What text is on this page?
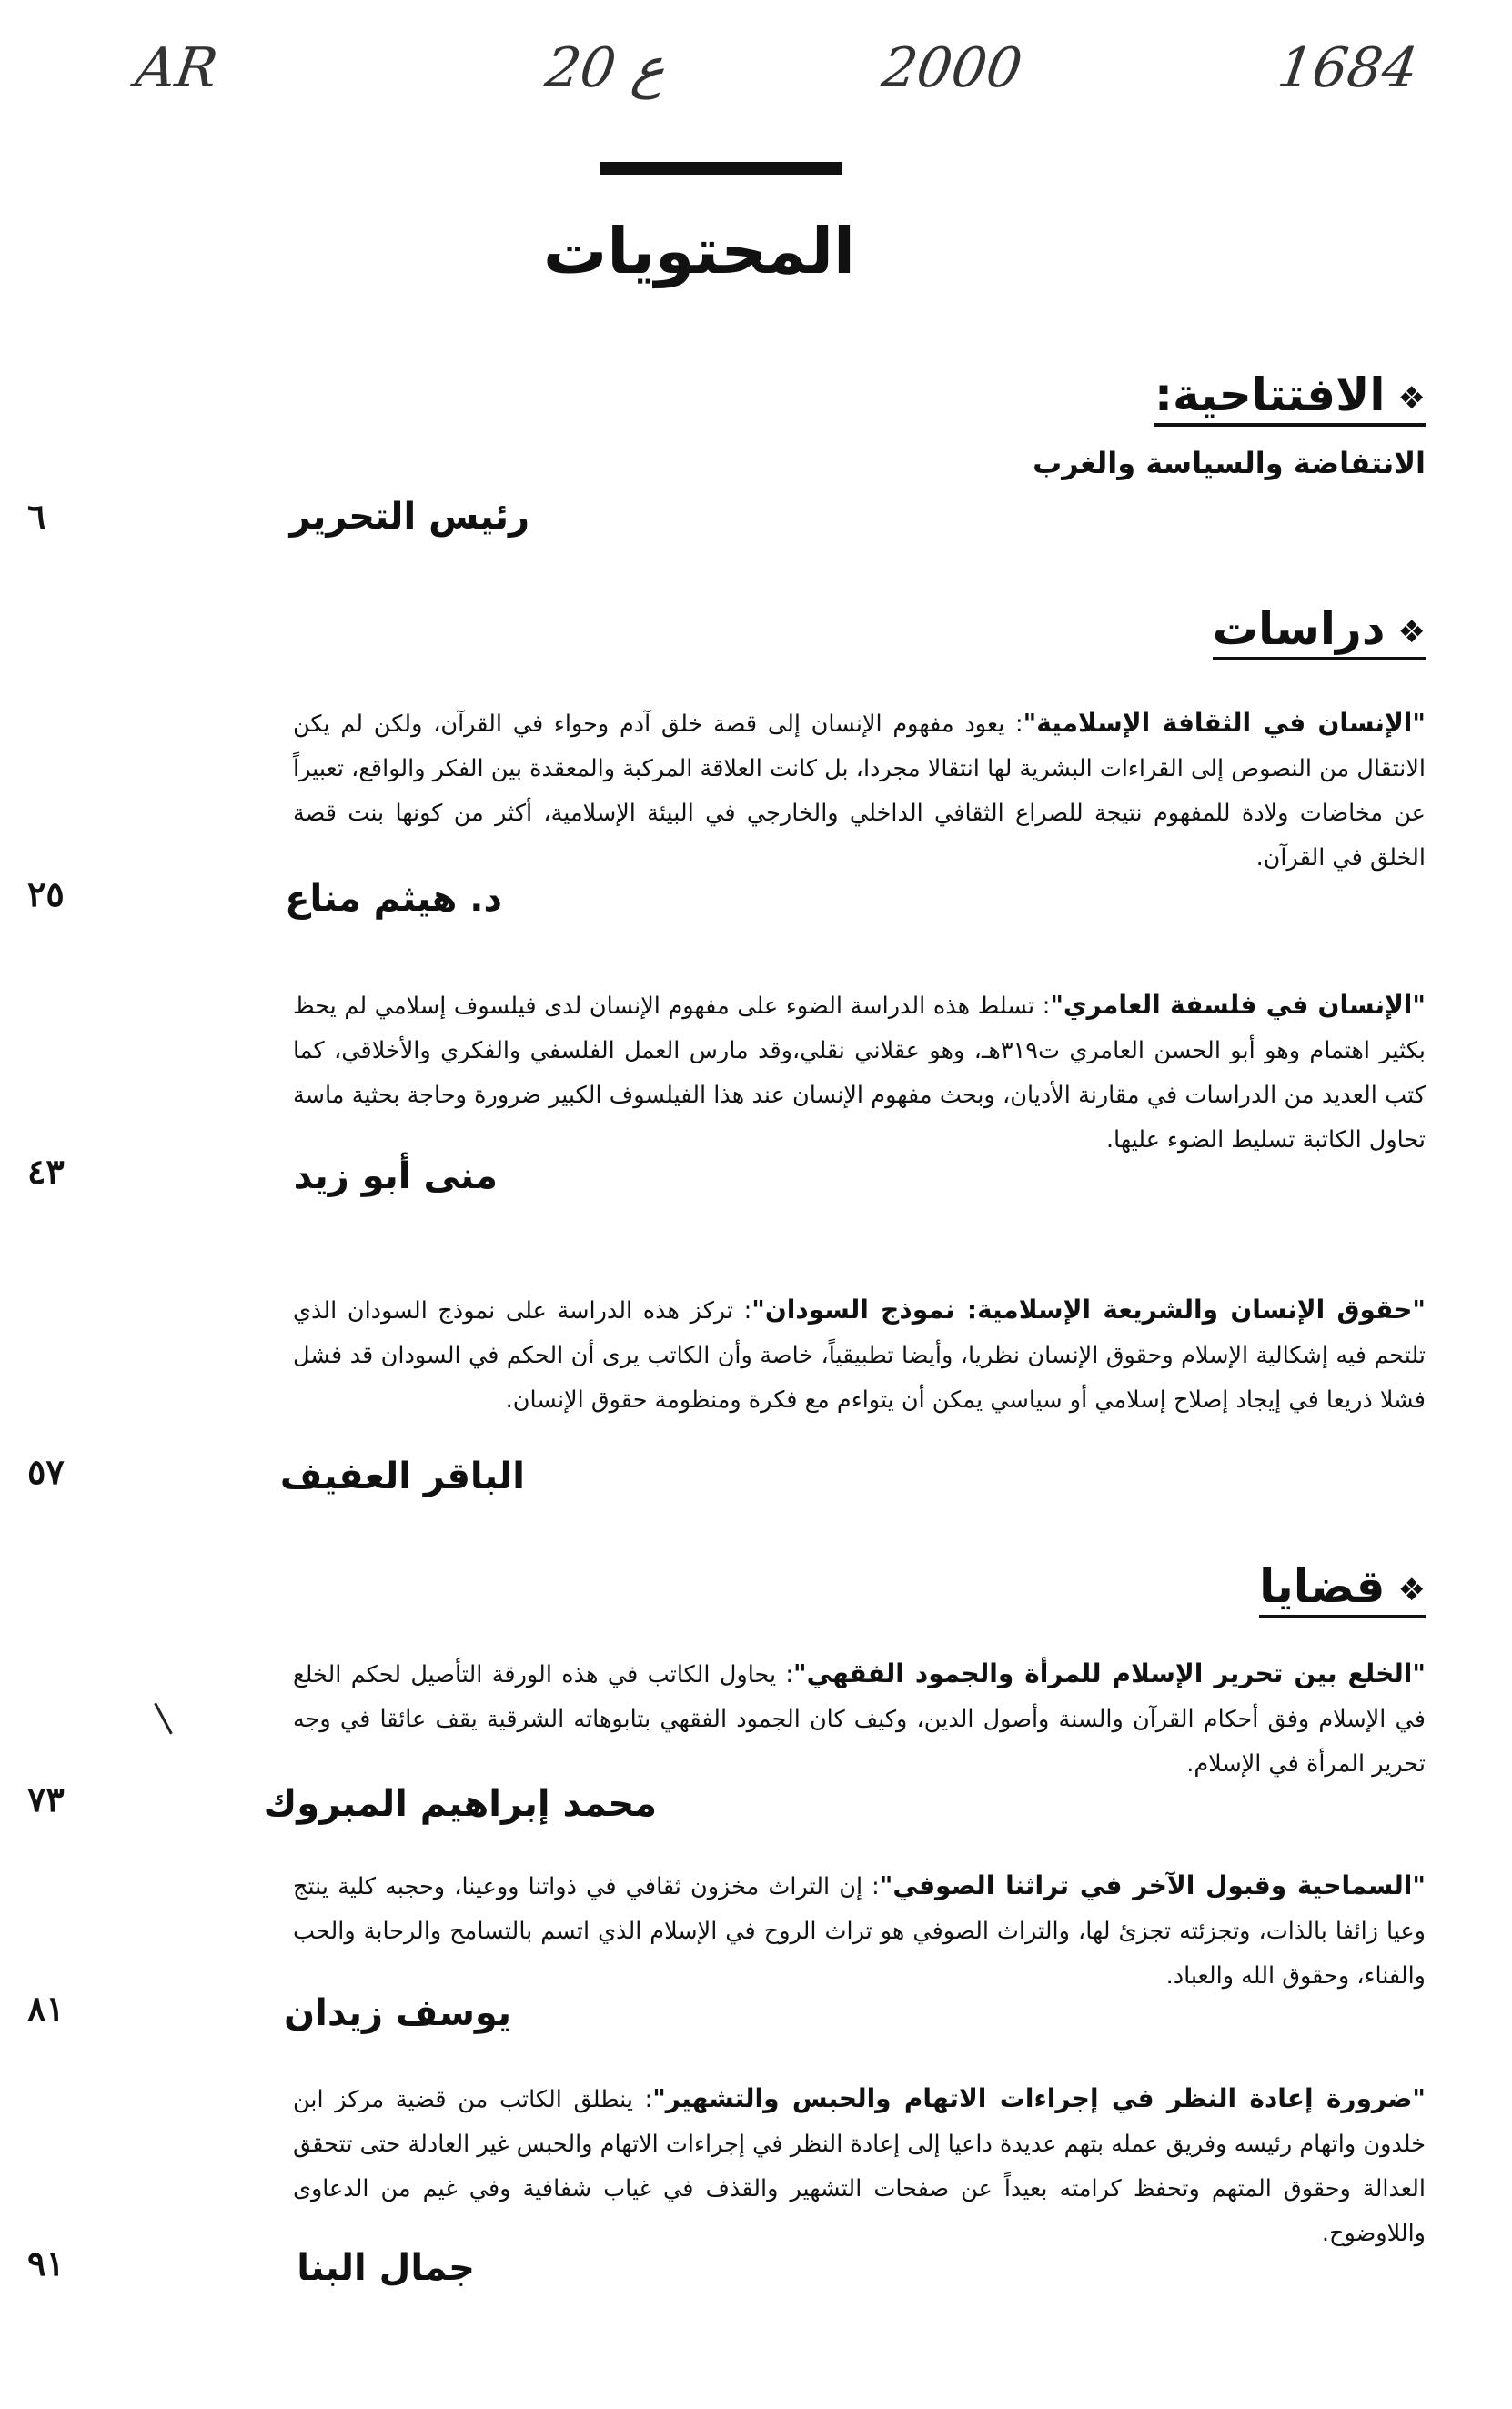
AR	20 ع	2000	1684
المحتويات
❖الافتتاحية:
الانتفاضة والسياسة والغرب
رئيس التحرير
٦
❖دراسات
"الإنسان في الثقافة الإسلامية": يعود مفهوم الإنسان إلى قصة خلق آدم وحواء في القرآن، ولكن لم يكن الانتقال من النصوص إلى القراءات البشرية لها انتقالا مجردا، بل كانت العلاقة المركبة والمعقدة بين الفكر والواقع، تعبيراً عن مخاضات ولادة للمفهوم نتيجة للصراع الثقافي الداخلي والخارجي في البيئة الإسلامية، أكثر من كونها بنت قصة الخلق في القرآن.
د. هيثم مناع
٢٥
"الإنسان في فلسفة العامري": تسلط هذه الدراسة الضوء على مفهوم الإنسان لدى فيلسوف إسلامي لم يحظ بكثير اهتمام وهو أبو الحسن العامري ت٣١٩هـ، وهو عقلاني نقلي،وقد مارس العمل الفلسفي والفكري والأخلاقي، كما كتب العديد من الدراسات في مقارنة الأديان، وبحث مفهوم الإنسان عند هذا الفيلسوف الكبير ضرورة وحاجة بحثية ماسة تحاول الكاتبة تسليط الضوء عليها.
منى أبو زيد
٤٣
"حقوق الإنسان والشريعة الإسلامية: نموذج السودان": تركز هذه الدراسة على نموذج السودان الذي تلتحم فيه إشكالية الإسلام وحقوق الإنسان نظريا، وأيضا تطبيقياً، خاصة وأن الكاتب يرى أن الحكم في السودان قد فشل فشلا ذريعا في إيجاد إصلاح إسلامي أو سياسي يمكن أن يتواءم مع فكرة ومنظومة حقوق الإنسان.
الباقر العفيف
٥٧
❖قضايا
"الخلع بين تحرير الإسلام للمرأة والجمود الفقهي": يحاول الكاتب في هذه الورقة التأصيل لحكم الخلع في الإسلام وفق أحكام القرآن والسنة وأصول الدين، وكيف كان الجمود الفقهي بتابوهاته الشرقية يقف عائقا في وجه تحرير المرأة في الإسلام.
محمد إبراهيم المبروك
٧٣
"السماحية وقبول الآخر في تراثنا الصوفي": إن التراث مخزون ثقافي في ذواتنا ووعينا، وحجبه كلية ينتج وعيا زائفا بالذات، وتجزئته تجزئ لها، والتراث الصوفي هو تراث الروح في الإسلام الذي اتسم بالتسامح والرحابة والحب والفناء، وحقوق الله والعباد.
يوسف زيدان
٨١
"ضرورة إعادة النظر في إجراءات الاتهام والحبس والتشهير": ينطلق الكاتب من قضية مركز ابن خلدون واتهام رئيسه وفريق عمله بتهم عديدة داعيا إلى إعادة النظر في إجراءات الاتهام والحبس غير العادلة حتى تتحقق العدالة وحقوق المتهم وتحفظ كرامته بعيداً عن صفحات التشهير والقذف في غياب شفافية وفي غيم من الدعاوى واللاوضوح.
جمال البنا
٩١
